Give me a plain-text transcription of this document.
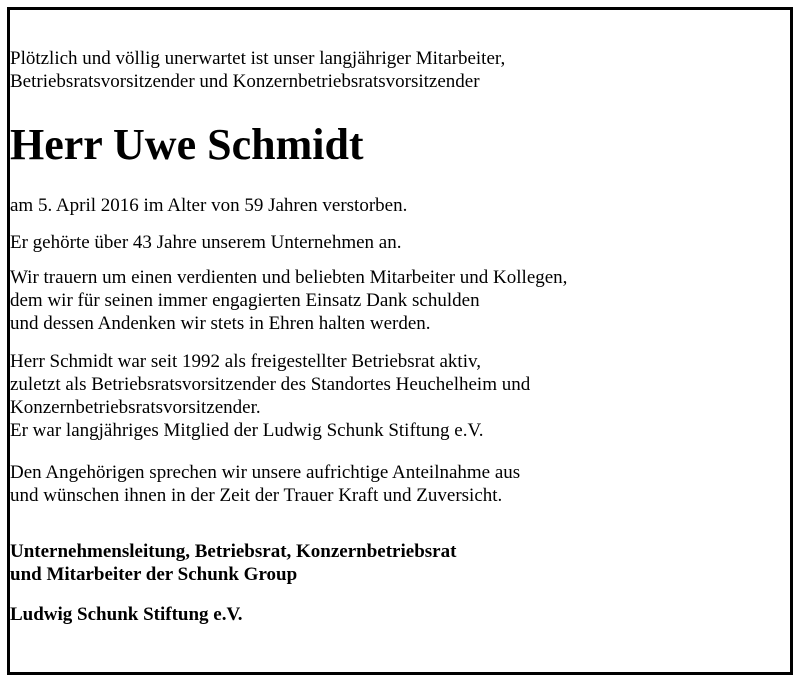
Plötzlich und völlig unerwartet ist unser langjähriger Mitarbeiter,
Betriebsratsvorsitzender und Konzernbetriebsratsvorsitzender

Herr Uwe Schmidt

am 5. April 2016 im Alter von 59 Jahren verstorben.

Er gehörte über 43 Jahre unserem Unternehmen an.

Wir trauern um einen verdienten und beliebten Mitarbeiter und Kollegen,
dem wir für seinen immer engagierten Einsatz Dank schulden
und dessen Andenken wir stets in Ehren halten werden.

Herr Schmidt war seit 1992 als freigestellter Betriebsrat aktiv,
zuletzt als Betriebsratsvorsitzender des Standortes Heuchelheim und
Konzernbetriebsratsvorsitzender.
Er war langjähriges Mitglied der Ludwig Schunk Stiftung e.V.

Den Angehörigen sprechen wir unsere aufrichtige Anteilnahme aus
und wünschen ihnen in der Zeit der Trauer Kraft und Zuversicht.

Unternehmensleitung, Betriebsrat, Konzernbetriebsrat
und Mitarbeiter der Schunk Group

Ludwig Schunk Stiftung e.V.
